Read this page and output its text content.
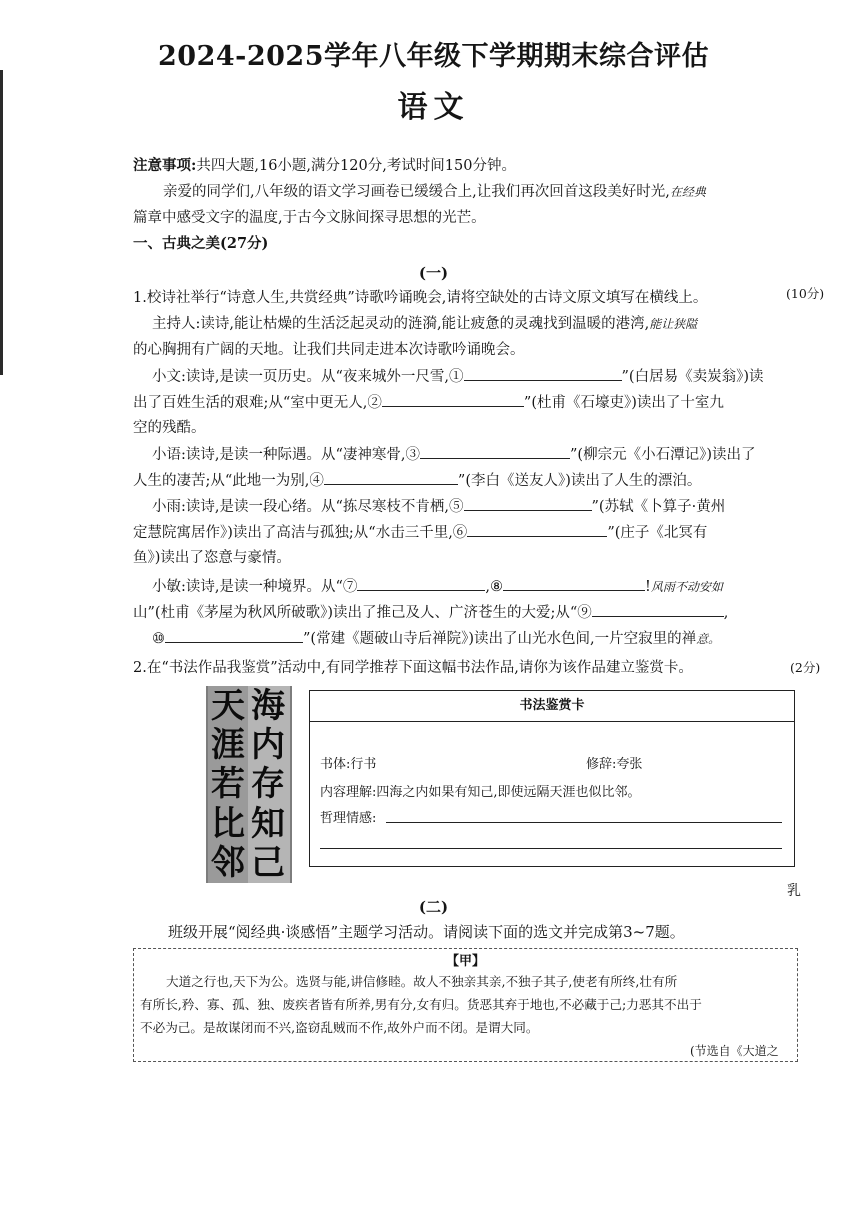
2024-2025学年八年级下学期期末综合评估
语文
注意事项:共四大题,16小题,满分120分,考试时间150分钟。
亲爱的同学们,八年级的语文学习画卷已缓缓合上,让我们再次回首这段美好时光,在经典
篇章中感受文字的温度,于古今文脉间探寻思想的光芒。
一、古典之美(27分)
(一)
1.校诗社举行“诗意人生,共赏经典”诗歌吟诵晚会,请将空缺处的古诗文原文填写在横线上。	(10分)
主持人:读诗,能让枯燥的生活泛起灵动的涟漪,能让疲惫的灵魂找到温暖的港湾,能让狭隘
的心胸拥有广阔的天地。让我们共同走进本次诗歌吟诵晚会。
小文:读诗,是读一页历史。从“夜来城外一尺雪,①	”(白居易《卖炭翁》)读
出了百姓生活的艰难;从“室中更无人,②	”(杜甫《石壕吏》)读出了十室九
空的残酷。
小语:读诗,是读一种际遇。从“凄神寒骨,③	”(柳宗元《小石潭记》)读出了
人生的凄苦;从“此地一为别,④	”(李白《送友人》)读出了人生的漂泊。
小雨:读诗,是读一段心绪。从“拣尽寒枝不肯栖,⑤	”(苏轼《卜算子·黄州
定慧院寓居作》)读出了高洁与孤独;从“水击三千里,⑥	”(庄子《北冥有
鱼》)读出了恣意与豪情。
小敏:读诗,是读一种境界。从“⑦	,⑧	!风雨不动安如
山”(杜甫《茅屋为秋风所破歌》)读出了推己及人、广济苍生的大爱;从“⑨	,
⑩	”(常建《题破山寺后禅院》)读出了山光水色间,一片空寂里的禅意。
2.在“书法作品我鉴赏”活动中,有同学推荐下面这幅书法作品,请你为该作品建立鉴赏卡。	(2分)
海
内
存
知
己
天
涯
若
比
邻
书法鉴赏卡
书体:行书	修辞:夸张
内容理解:四海之内如果有知己,即使远隔天涯也似比邻。
哲理情感:
乳
(二)
班级开展“阅经典·谈感悟”主题学习活动。请阅读下面的选文并完成第3~7题。
【甲】
大道之行也,天下为公。选贤与能,讲信修睦。故人不独亲其亲,不独子其子,使老有所终,壮有所
有所长,矜、寡、孤、独、废疾者皆有所养,男有分,女有归。货恶其弃于地也,不必藏于己;力恶其不出于
不必为己。是故谋闭而不兴,盗窃乱贼而不作,故外户而不闭。是谓大同。
(节选自《大道之
